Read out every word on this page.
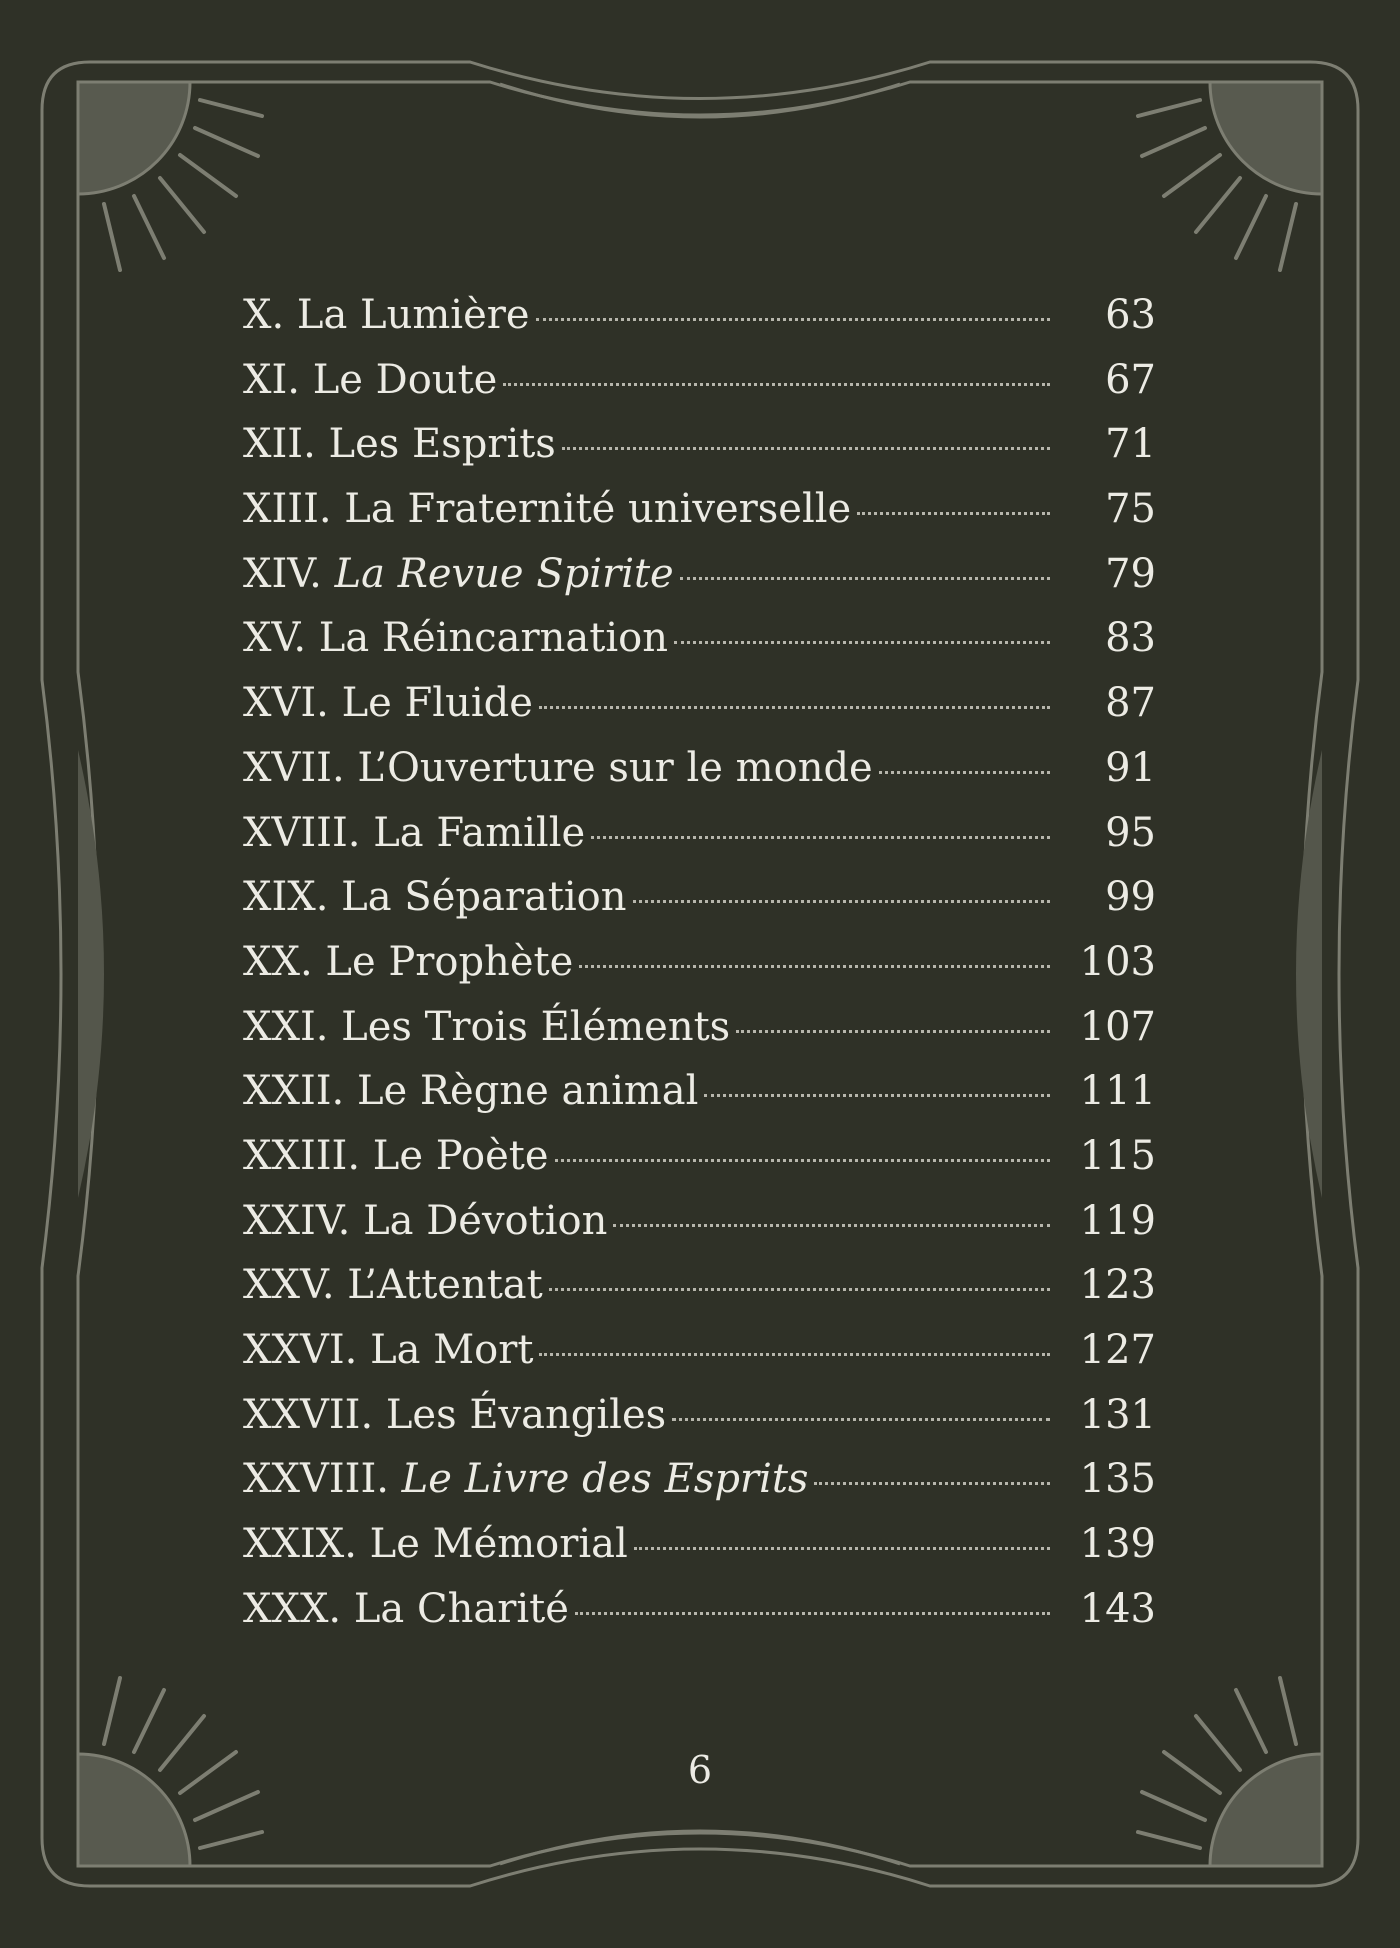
X. La Lumière	63
XI. Le Doute	67
XII. Les Esprits	71
XIII. La Fraternité universelle	75
XIV. La Revue Spirite	79
XV. La Réincarnation	83
XVI. Le Fluide	87
XVII. L’Ouverture sur le monde	91
XVIII. La Famille	95
XIX. La Séparation	99
XX. Le Prophète	103
XXI. Les Trois Éléments	107
XXII. Le Règne animal	111
XXIII. Le Poète	115
XXIV. La Dévotion	119
XXV. L’Attentat	123
XXVI. La Mort	127
XXVII. Les Évangiles	131
XXVIII. Le Livre des Esprits	135
XXIX. Le Mémorial	139
XXX. La Charité	143
6
